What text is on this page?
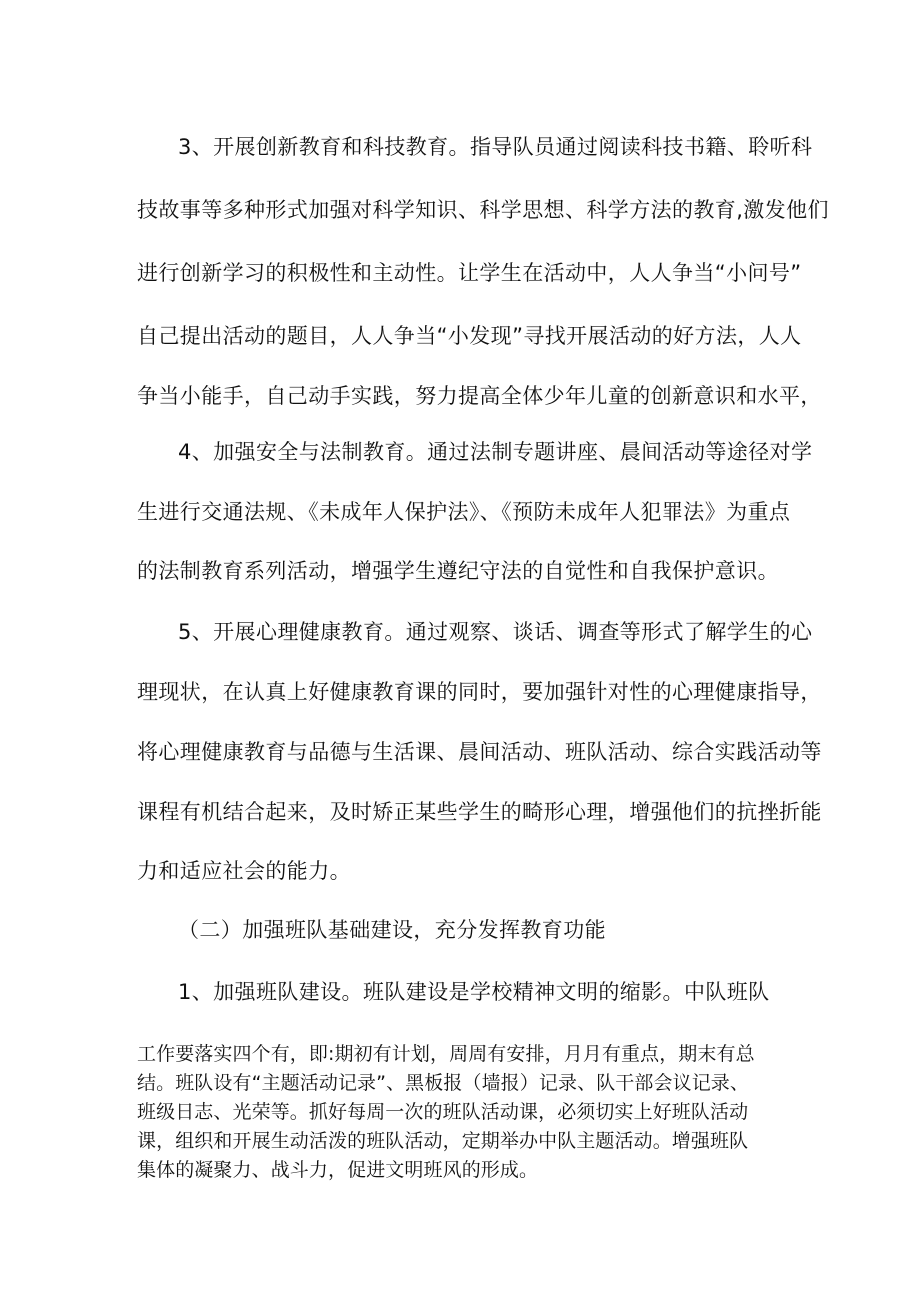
3、开展创新教育和科技教育。指导队员通过阅读科技书籍、聆听科
技故事等多种形式加强对科学知识、科学思想、科学方法的教育,激发他们
进行创新学习的积极性和主动性。让学生在活动中，人人争当“小问号”
自己提出活动的题目，人人争当“小发现”寻找开展活动的好方法，人人
争当小能手，自己动手实践，努力提高全体少年儿童的创新意识和水平，
4、加强安全与法制教育。通过法制专题讲座、晨间活动等途径对学
生进行交通法规、《未成年人保护法》、《预防未成年人犯罪法》为重点
的法制教育系列活动，增强学生遵纪守法的自觉性和自我保护意识。
5、开展心理健康教育。通过观察、谈话、调查等形式了解学生的心
理现状，在认真上好健康教育课的同时，要加强针对性的心理健康指导，
将心理健康教育与品德与生活课、晨间活动、班队活动、综合实践活动等
课程有机结合起来，及时矫正某些学生的畸形心理，增强他们的抗挫折能
力和适应社会的能力。
（二）加强班队基础建设，充分发挥教育功能
1、加强班队建设。班队建设是学校精神文明的缩影。中队班队
工作要落实四个有，即:期初有计划，周周有安排，月月有重点，期末有总
结。班队设有“主题活动记录”、黑板报（墙报）记录、队干部会议记录、
班级日志、光荣等。抓好每周一次的班队活动课，必须切实上好班队活动
课，组织和开展生动活泼的班队活动，定期举办中队主题活动。增强班队
集体的凝聚力、战斗力，促进文明班风的形成。
